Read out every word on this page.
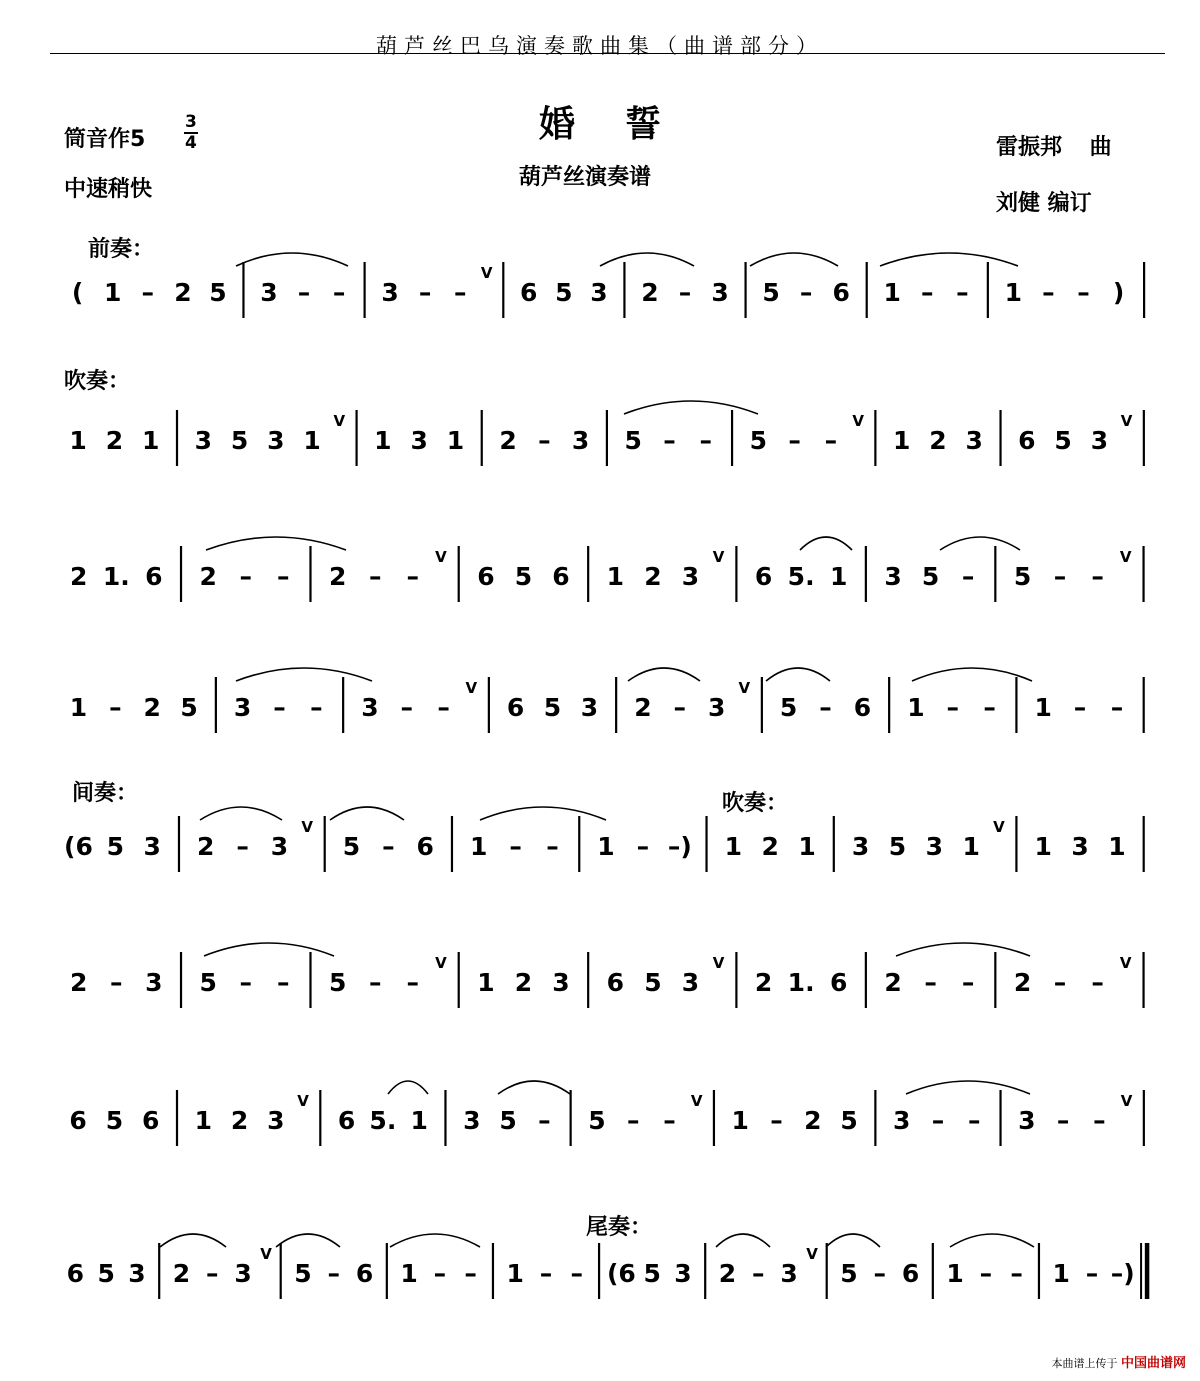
葫芦丝巴乌演奏歌曲集（曲谱部分）
婚誓
葫芦丝演奏谱
筒音作5
3
4
中速稍快
雷振邦 曲
刘健 编订
前奏：
吹奏：
间奏：	吹奏：
尾奏：
( 1 – 2 5 3 – – 3 – –
V
6 5 3 2 – 3 5 – 6 1 – – 1 – – )
1 2 1 3 5 3 1
V
1 3 1 2 – 3 5 – – 5 – –
V
1 2 3 6 5 3
V
2 1. 6 2 – – 2 – –
V
6 5 6 1 2 3
V
6 5. 1 3 5 – 5 – –
V
1 – 2 5 3 – – 3 – –
V
6 5 3 2 – 3
V
5 – 6 1 – – 1 – –
(6 5 3 2 – 3
V
5 – 6 1 – – 1 – –) 1 2 1 3 5 3 1
V
1 3 1
2 – 3 5 – – 5 – –
V
1 2 3 6 5 3
V
2 1. 6 2 – – 2 – –
V
6 5 6 1 2 3
V
6 5. 1 3 5 – 5 – –
V
1 – 2 5 3 – – 3 – –
V
6 5 3 2 – 3
V
5 – 6 1 – – 1 – – (6 5 3 2 – 3
V
5 – 6 1 – – 1 – –)
本曲谱上传于 中国曲谱网
